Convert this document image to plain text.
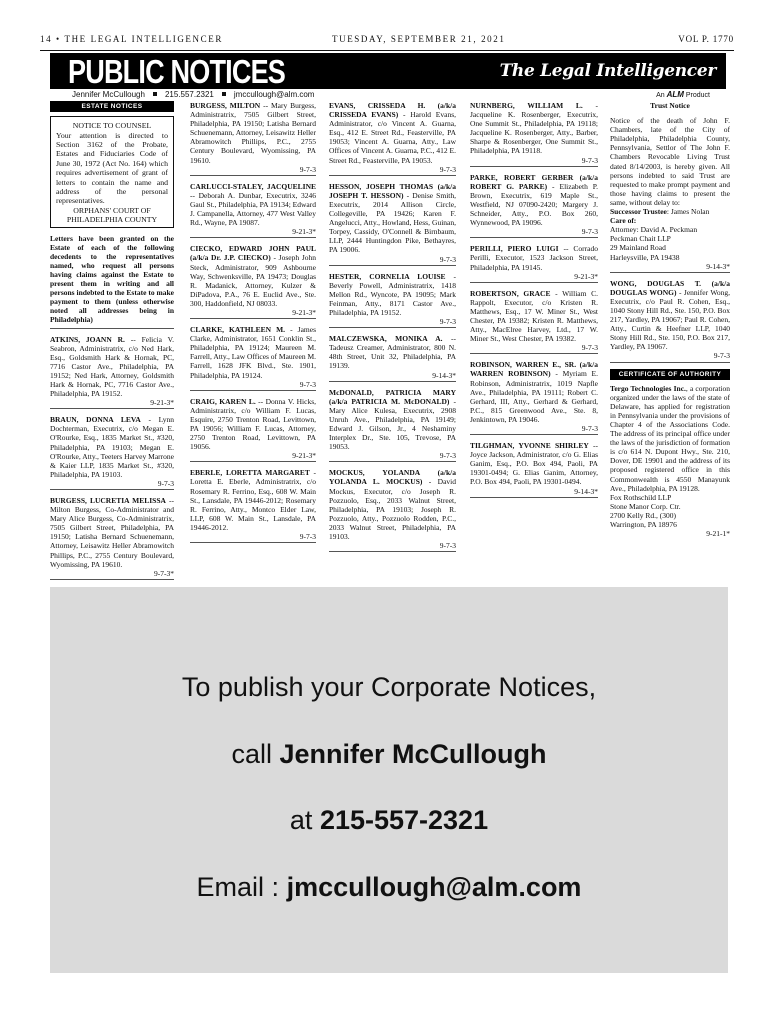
14 • THE LEGAL INTELLIGENCER	TUESDAY, SEPTEMBER 21, 2021	VOL P. 1770
PUBLIC NOTICES	The Legal Intelligencer
Jennifer McCullough	215.557.2321	jmccullough@alm.com	An ALM Product
ESTATE NOTICES
NOTICE TO COUNSEL
Your attention is directed to Section 3162 of the Probate, Estates and Fiduciaries Code of June 30, 1972 (Act No. 164) which requires advertisement of grant of letters to contain the name and address of the personal representatives.
ORPHANS' COURT OF PHILADELPHIA COUNTY
Letters have been granted on the Estate of each of the following decedents to the representatives named, who request all persons having claims against the Estate to present them in writing and all persons indebted to the Estate to make payment to them (unless otherwise noted all addresses being in Philadelphia)
ATKINS, JOANN R. -- Felicia V. Seabron, Administratrix, c/o Ned Hark, Esq., Goldsmith Hark & Hornak, PC, 7716 Castor Ave., Philadelphia, PA 19152; Ned Hark, Attorney, Goldsmith Hark & Hornak, PC, 7716 Castor Ave., Philadelphia, PA 19152.
9-21-3*
BRAUN, DONNA LEVA - Lynn Dochterman, Executrix, c/o Megan E. O'Rourke, Esq., 1835 Market St., #320, Philadelphia, PA 19103; Megan E. O'Rourke, Atty., Teeters Harvey Marrone & Kaier LLP, 1835 Market St., #320, Philadelphia, PA 19103.
9-7-3
BURGESS, LUCRETIA MELISSA -- Milton Burgess, Co-Administrator and Mary Alice Burgess, Co-Administratrix, 7505 Gilbert Street, Philadelphia, PA 19150; Latisha Bernard Schuenemann, Attorney, Leisawitz Heller Abramowitch Phillips, P.C., 2755 Century Boulevard, Wyomissing, PA 19610.
9-7-3*
BURGESS, MILTON -- Mary Burgess, Administratrix, 7505 Gilbert Street, Philadelphia, PA 19150; Latisha Bernard Schuenemann, Attorney, Leisawitz Heller Abramowitch Phillips, P.C., 2755 Century Boulevard, Wyomissing, PA 19610.
9-7-3
CARLUCCI-STALEY, JACQUELINE -- Deborah A. Dunbar, Executrix, 3246 Gaul St., Philadelphia, PA 19134; Edward J. Campanella, Attorney, 477 West Valley Rd., Wayne, PA 19087.
9-21-3*
CIECKO, EDWARD JOHN PAUL (a/k/a Dr. J.P. CIECKO) - Joseph John Steck, Administrator, 909 Ashbourne Way, Schwenksville, PA 19473; Douglas R. Madanick, Attorney, Kulzer & DiPadova, P.A., 76 E. Euclid Ave., Ste. 300, Haddonfield, NJ 08033.
9-21-3*
CLARKE, KATHLEEN M. - James Clarke, Administrator, 1651 Conklin St., Philadelphia, PA 19124; Maureen M. Farrell, Atty., Law Offices of Maureen M. Farrell, 1628 JFK Blvd., Ste. 1901, Philadelphia, PA 19124.
9-7-3
CRAIG, KAREN L. -- Donna V. Hicks, Administratrix, c/o William F. Lucas, Esquire, 2750 Trenton Road, Levittown, PA 19056; William F. Lucas, Attorney, 2750 Trenton Road, Levittown, PA 19056.
9-21-3*
EBERLE, LORETTA MARGARET - Loretta E. Eberle, Administratrix, c/o Rosemary R. Ferrino, Esq., 608 W. Main St., Lansdale, PA 19446-2012; Rosemary R. Ferrino, Atty., Montco Elder Law, LLP, 608 W. Main St., Lansdale, PA 19446-2012.
9-7-3
EVANS, CRISSEDA H. (a/k/a CRISSEDA EVANS) - Harold Evans, Administrator, c/o Vincent A. Guarna, Esq., 412 E. Street Rd., Feasterville, PA 19053; Vincent A. Guarna, Atty., Law Offices of Vincent A. Guarna, P.C., 412 E. Street Rd., Feasterville, PA 19053.
9-7-3
HESSON, JOSEPH THOMAS (a/k/a JOSEPH T. HESSON) - Denise Smith, Executrix, 2014 Allison Circle, Collegeville, PA 19426; Karen F. Angelucci, Atty., Howland, Hess, Guinan, Torpey, Cassidy, O'Connell & Birnbaum, LLP, 2444 Huntingdon Pike, Bethayres, PA 19006.
9-7-3
HESTER, CORNELIA LOUISE - Beverly Powell, Administratrix, 1418 Mellon Rd., Wyncote, PA 19095; Mark Feinman, Atty., 8171 Castor Ave., Philadelphia, PA 19152.
9-7-3
MALCZEWSKA, MONIKA A. -- Tadeusz Creamer, Administrator, 800 N. 48th Street, Unit 32, Philadelphia, PA 19139.
9-14-3*
McDONALD, PATRICIA MARY (a/k/a PATRICIA M. McDONALD) - Mary Alice Kulesa, Executrix, 2908 Unruh Ave., Philadelphia, PA 19149; Edward J. Gilson, Jr., 4 Neshaminy Interplex Dr., Ste. 105, Trevose, PA 19053.
9-7-3
MOCKUS, YOLANDA (a/k/a YOLANDA L. MOCKUS) - David Mockus, Executor, c/o Joseph R. Pozzuolo, Esq., 2033 Walnut Street, Philadelphia, PA 19103; Joseph R. Pozzuolo, Atty., Pozzuolo Rodden, P.C., 2033 Walnut Street, Philadelphia, PA 19103.
9-7-3
NURNBERG, WILLIAM L. - Jacqueline K. Rosenberger, Executrix, One Summit St., Philadelphia, PA 19118; Jacqueline K. Rosenberger, Atty., Barber, Sharpe & Rosenberger, One Summit St., Philadelphia, PA 19118.
9-7-3
PARKE, ROBERT GERBER (a/k/a ROBERT G. PARKE) - Elizabeth P. Brown, Executrix, 619 Maple St., Westfield, NJ 07090-2420; Margery J. Schneider, Atty., P.O. Box 260, Wynnewood, PA 19096.
9-7-3
PERILLI, PIERO LUIGI -- Corrado Perilli, Executor, 1523 Jackson Street, Philadelphia, PA 19145.
9-21-3*
ROBERTSON, GRACE - William C. Rappolt, Executor, c/o Kristen R. Matthews, Esq., 17 W. Miner St., West Chester, PA 19382; Kristen R. Matthews, Atty., MacElree Harvey, Ltd., 17 W. Miner St., West Chester, PA 19382.
9-7-3
ROBINSON, WARREN E., SR. (a/k/a WARREN ROBINSON) - Myriam E. Robinson, Administratrix, 1019 Napfle Ave., Philadelphia, PA 19111; Robert C. Gerhard, III, Atty., Gerhard & Gerhard, P.C., 815 Greenwood Ave., Ste. 8, Jenkintown, PA 19046.
9-7-3
TILGHMAN, YVONNE SHIRLEY -- Joyce Jackson, Administrator, c/o G. Elias Ganim, Esq., P.O. Box 494, Paoli, PA 19301-0494; G. Elias Ganim, Attorney, P.O. Box 494, Paoli, PA 19301-0494.
9-14-3*
Trust Notice
Notice of the death of John F. Chambers, late of the City of Philadelphia, Philadelphia County, Pennsylvania, Settlor of The John F. Chambers Revocable Living Trust dated 8/14/2003, is hereby given. All persons indebted to said Trust are requested to make prompt payment and those having claims to present the same, without delay to:
Successor Trustee: James Nolan
Care of:
Attorney: David A. Peckman
Peckman Chait LLP
29 Mainland Road
Harleysville, PA 19438
9-14-3*
WONG, DOUGLAS T. (a/k/a DOUGLAS WONG) - Jennifer Wong, Executrix, c/o Paul R. Cohen, Esq., 1040 Stony Hill Rd., Ste. 150, P.O. Box 217, Yardley, PA 19067; Paul R. Cohen, Atty., Curtin & Heefner LLP, 1040 Stony Hill Rd., Ste. 150, P.O. Box 217, Yardley, PA 19067.
9-7-3
CERTIFICATE OF AUTHORITY
Tergo Technologies Inc., a corporation organized under the laws of the state of Delaware, has applied for registration in Pennsylvania under the provisions of Chapter 4 of the Associations Code. The address of its principal office under the laws of the jurisdiction of formation is c/o 614 N. Dupont Hwy., Ste. 210, Dover, DE 19901 and the address of its proposed registered office in this Commonwealth is 4550 Manayunk Ave., Philadelphia, PA 19128.
Fox Rothschild LLP
Stone Manor Corp. Ctr.
2700 Kelly Rd., (300)
Warrington, PA 18976
9-21-1*
To publish your Corporate Notices,
call Jennifer McCullough
at 215-557-2321
Email : jmccullough@alm.com
